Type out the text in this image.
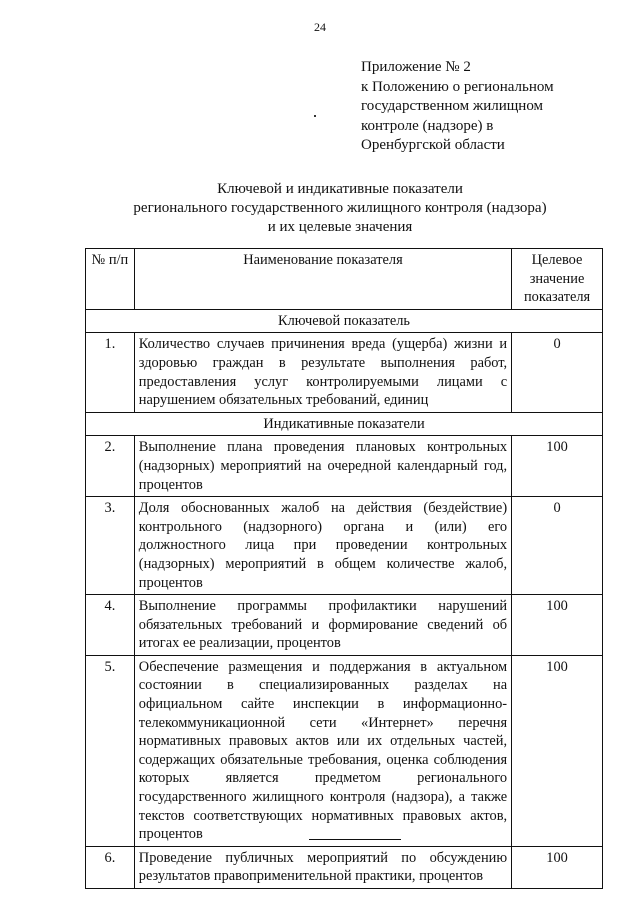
24
Приложение № 2
к Положению о региональном
государственном жилищном
контроле (надзоре) в
Оренбургской области
Ключевой и индикативные показатели
регионального государственного жилищного контроля (надзора)
и их целевые значения
№ п/п	Наименование показателя	Целевое значение показателя
Ключевой показатель		
1.	Количество случаев причинения вреда (ущерба) жизни и здоровью граждан в результате выполнения работ, предоставления услуг контролируемыми лицами с нарушением обязательных требований, единиц	0
Индикативные показатели		
2.	Выполнение плана проведения плановых контрольных (надзорных) мероприятий на очередной календарный год, процентов	100
3.	Доля обоснованных жалоб на действия (бездействие) контрольного (надзорного) органа и (или) его должностного лица при проведении контрольных (надзорных) мероприятий в общем количестве жалоб, процентов	0
4.	Выполнение программы профилактики нарушений обязательных требований и формирование сведений об итогах ее реализации, процентов	100
5.	Обеспечение размещения и поддержания в актуальном состоянии в специализированных разделах на официальном сайте инспекции в информационно-телекоммуникационной сети «Интернет» перечня нормативных правовых актов или их отдельных частей, содержащих обязательные требования, оценка соблюдения которых является предметом регионального государственного жилищного контроля (надзора), а также текстов соответствующих нормативных правовых актов, процентов	100
6.	Проведение публичных мероприятий по обсуждению результатов правоприменительной практики, процентов	100
